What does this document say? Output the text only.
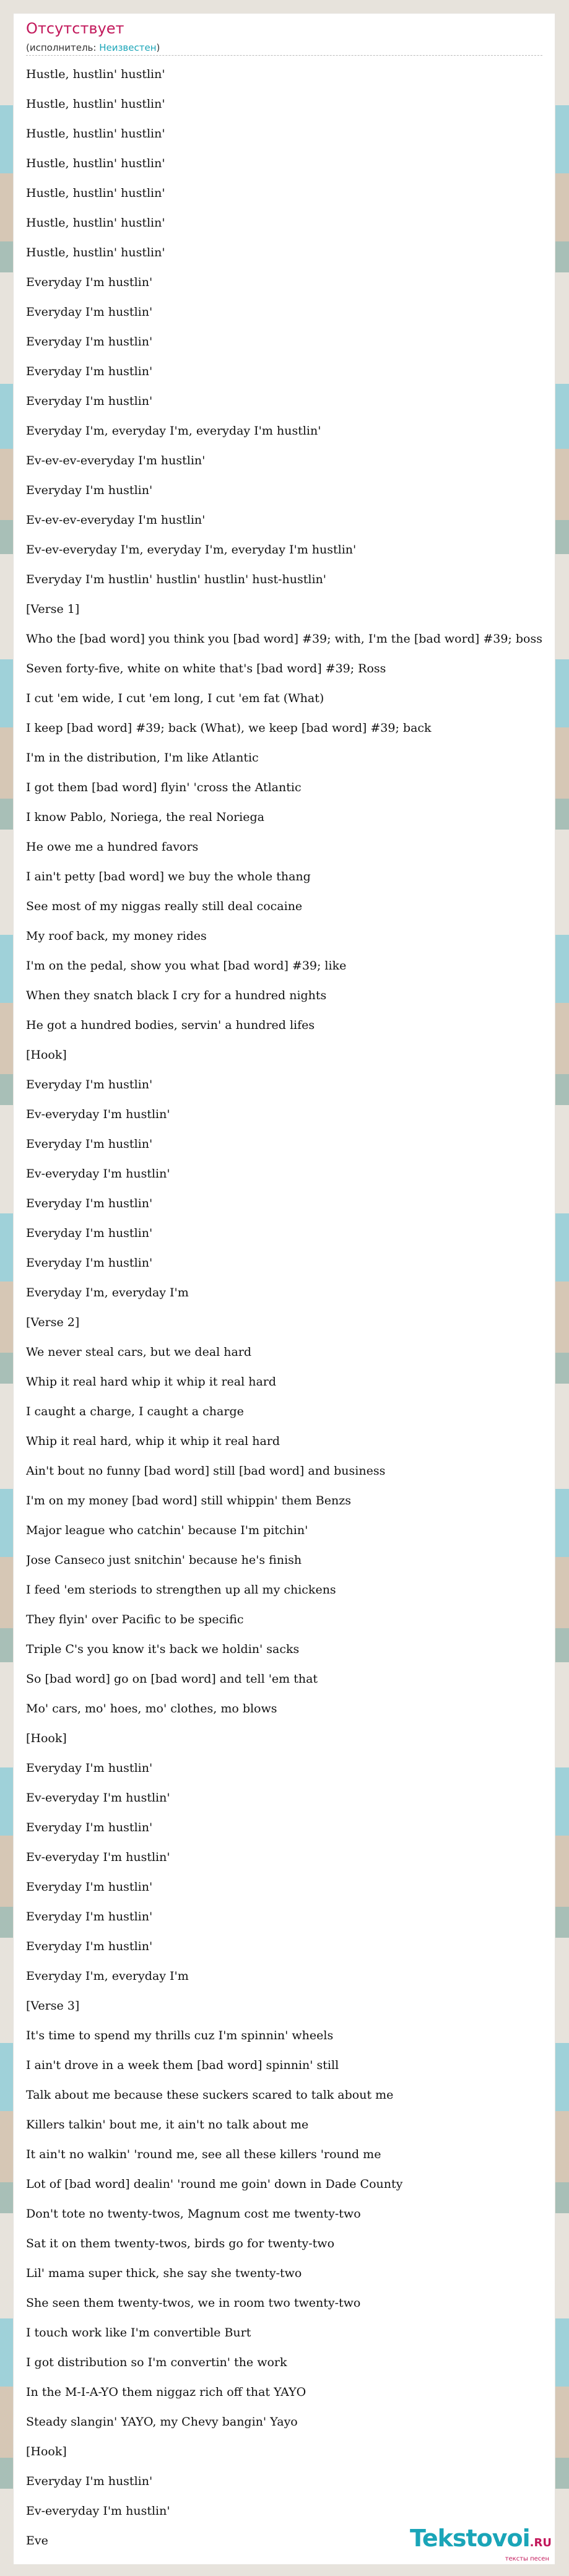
Отсутствует
(исполнитель: Неизвестен)
Hustle, hustlin' hustlin'
Hustle, hustlin' hustlin'
Hustle, hustlin' hustlin'
Hustle, hustlin' hustlin'
Hustle, hustlin' hustlin'
Hustle, hustlin' hustlin'
Hustle, hustlin' hustlin'
Everyday I'm hustlin'
Everyday I'm hustlin'
Everyday I'm hustlin'
Everyday I'm hustlin'
Everyday I'm hustlin'
Everyday I'm, everyday I'm, everyday I'm hustlin'
Ev-ev-ev-everyday I'm hustlin'
Everyday I'm hustlin'
Ev-ev-ev-everyday I'm hustlin'
Ev-ev-everyday I'm, everyday I'm, everyday I'm hustlin'
Everyday I'm hustlin' hustlin' hustlin' hust-hustlin'
[Verse 1]
Who the [bad word] you think you [bad word] #39; with, I'm the [bad word] #39; boss
Seven forty-five, white on white that's [bad word] #39; Ross
I cut 'em wide, I cut 'em long, I cut 'em fat (What)
I keep [bad word] #39; back (What), we keep [bad word] #39; back
I'm in the distribution, I'm like Atlantic
I got them [bad word] flyin' 'cross the Atlantic
I know Pablo, Noriega, the real Noriega
He owe me a hundred favors
I ain't petty [bad word] we buy the whole thang
See most of my niggas really still deal cocaine
My roof back, my money rides
I'm on the pedal, show you what [bad word] #39; like
When they snatch black I cry for a hundred nights
He got a hundred bodies, servin' a hundred lifes
[Hook]
Everyday I'm hustlin'
Ev-everyday I'm hustlin'
Everyday I'm hustlin'
Ev-everyday I'm hustlin'
Everyday I'm hustlin'
Everyday I'm hustlin'
Everyday I'm hustlin'
Everyday I'm, everyday I'm
[Verse 2]
We never steal cars, but we deal hard
Whip it real hard whip it whip it real hard
I caught a charge, I caught a charge
Whip it real hard, whip it whip it real hard
Ain't bout no funny [bad word] still [bad word] and business
I'm on my money [bad word] still whippin' them Benzs
Major league who catchin' because I'm pitchin'
Jose Canseco just snitchin' because he's finish
I feed 'em steriods to strengthen up all my chickens
They flyin' over Pacific to be specific
Triple C's you know it's back we holdin' sacks
So [bad word] go on [bad word] and tell 'em that
Mo' cars, mo' hoes, mo' clothes, mo blows
[Hook]
Everyday I'm hustlin'
Ev-everyday I'm hustlin'
Everyday I'm hustlin'
Ev-everyday I'm hustlin'
Everyday I'm hustlin'
Everyday I'm hustlin'
Everyday I'm hustlin'
Everyday I'm, everyday I'm
[Verse 3]
It's time to spend my thrills cuz I'm spinnin' wheels
I ain't drove in a week them [bad word] spinnin' still
Talk about me because these suckers scared to talk about me
Killers talkin' bout me, it ain't no talk about me
It ain't no walkin' 'round me, see all these killers 'round me
Lot of [bad word] dealin' 'round me goin' down in Dade County
Don't tote no twenty-twos, Magnum cost me twenty-two
Sat it on them twenty-twos, birds go for twenty-two
Lil' mama super thick, she say she twenty-two
She seen them twenty-twos, we in room two twenty-two
I touch work like I'm convertible Burt
I got distribution so I'm convertin' the work
In the M-I-A-YO them niggaz rich off that YAYO
Steady slangin' YAYO, my Chevy bangin' Yayo
[Hook]
Everyday I'm hustlin'
Ev-everyday I'm hustlin'
Eve	Tekstovoi.RU
тексты песен
